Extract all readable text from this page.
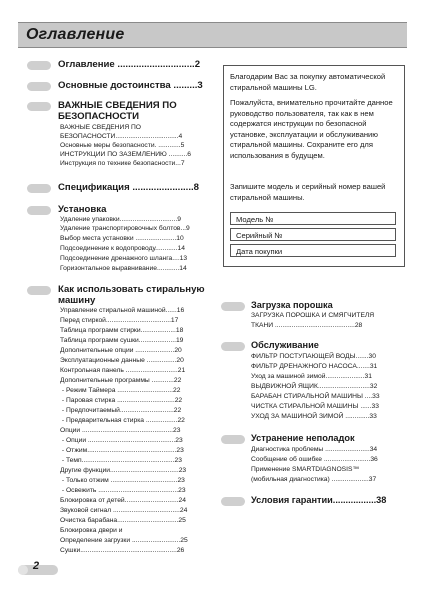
Оглавление
Оглавление .............................2
Основные достоинства .........3
ВАЖНЫЕ СВЕДЕНИЯ ПО
БЕЗОПАСНОСТИ
ВАЖНЫЕ СВЕДЕНИЯ ПО
БЕЗОПАСНОСТИ..................................4
Основные меры безопасности. ............5
ИНСТРУКЦИИ ПО ЗАЗЕМЛЕНИЮ ..........6
Инструкция по технике безопасности...7
Спецификация .......................8
Установка
Удаление упаковки...............................9
Удаление транспортировочных болтов...9
Выбор места установки ......................10
Подсоединение к водопроводу............14
Подсоединение дренажного шланга....13
Горизонтальное выравнивание............14
Как использовать стиральную
машину
Управление стиральной машиной......16
Перед стиркой...................................17
Таблица программ стирки...................18
Таблица программ сушки....................19
Дополнительные опции .....................20
Эксплуатационные данные ................20
Контрольная панель ............................21
Дополнительные программы ............22
- Режим Таймера ..............................22
- Паровая стирка ...............................22
- Предпочитаемый.............................22
- Предварительная стирка .................22
Опции .................................................23
- Опции ...............................................23
- Отжим................................................23
- Темп..................................................23
Другие функции.....................................23
- Только отжим ....................................23
- Освежить ...........................................23
Блокировка от детей.............................24
Звуковой сигнал ....................................24
Очистка барабана.................................25
Блокировка двери и
Определение загрузки ..........................25
Сушки....................................................26

Благодарим Вас за покупку автоматической стиральной машины LG.

Пожалуйста, внимательно прочитайте данное руководство пользователя, так как в нем содержатся инструкции по безопасной установке, эксплуатации и обслуживанию стиральной машины. Сохраните его для использования в будущем.

Запишите модель и серийный номер вашей стиральной машины.

Модель №
Серийный №
Дата покупки
Загрузка порошка
ЗАГРУЗКА ПОРОШКА И СМЯГЧИТЕЛЯ
ТКАНИ ...........................................28
Обслуживание
ФИЛЬТР ПОСТУПАЮЩЕЙ ВОДЫ.......30
ФИЛЬТР ДРЕНАЖНОГО НАСОСА.......31
Уход за машиной зимой.....................31
ВЫДВИЖНОЙ ЯЩИК............................32
БАРАБАН СТИРАЛЬНОЙ МАШИНЫ ....33
ЧИСТКА СТИРАЛЬНОЙ МАШИНЫ ......33
УХОД ЗА МАШИНОЙ ЗИМОЙ .............33
Устранение неполадок
Диагностика проблемы ........................34
Сообщение об ошибке .........................36
Применение SMARTDIAGNOSIS™
(мобильная диагностика) ....................37
Условия гарантии.................38
2
